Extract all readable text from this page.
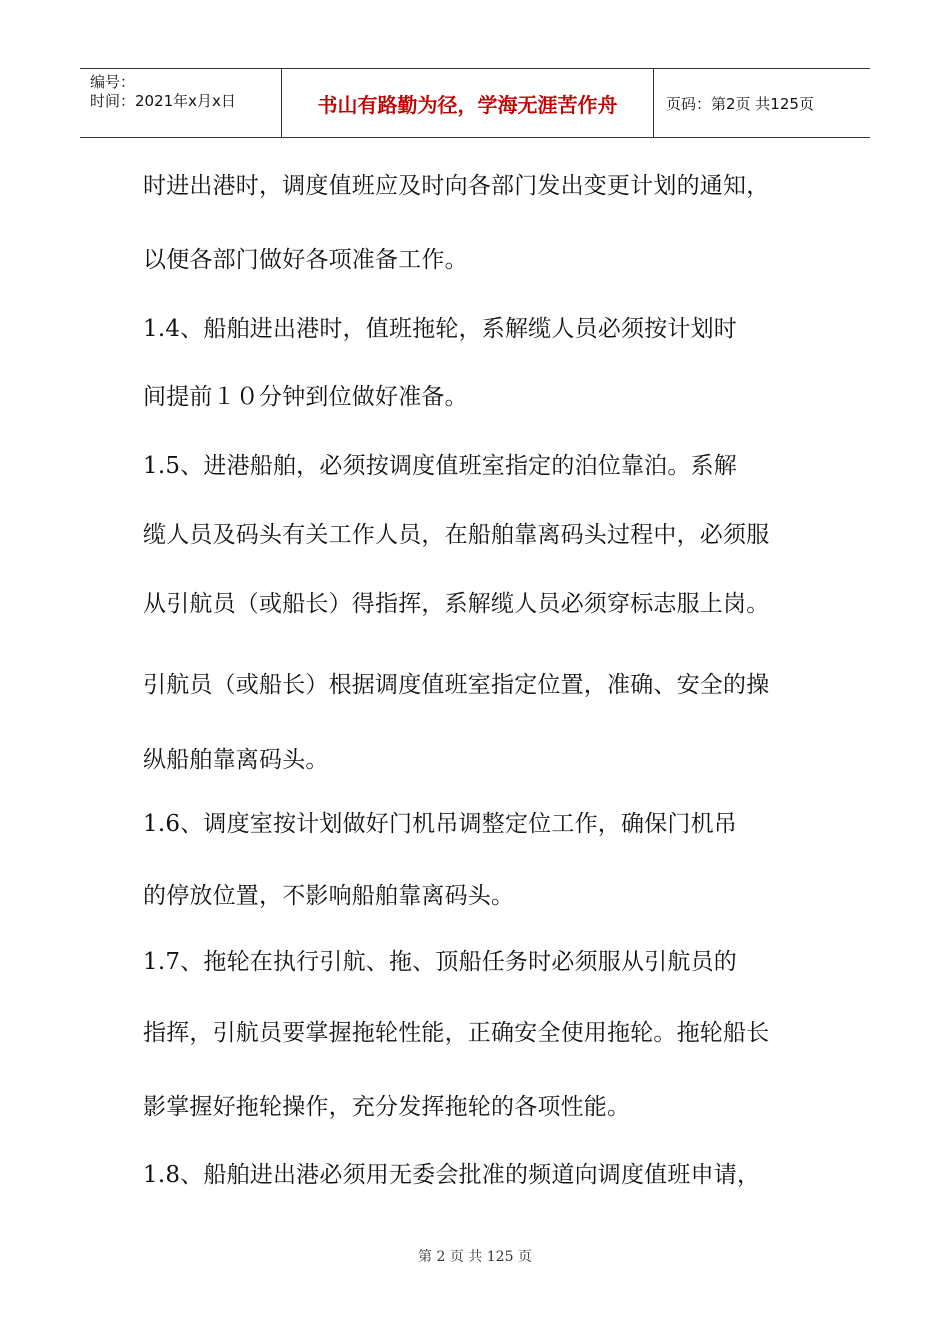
编号：
时间：2021年x月x日	书山有路勤为径，学海无涯苦作舟	页码：第2页 共125页
时进出港时，调度值班应及时向各部门发出变更计划的通知，
以便各部门做好各项准备工作。
1.4、船舶进出港时，值班拖轮，系解缆人员必须按计划时
间提前１０分钟到位做好准备。
1.5、进港船舶，必须按调度值班室指定的泊位靠泊。系解
缆人员及码头有关工作人员，在船舶靠离码头过程中，必须服
从引航员（或船长）得指挥，系解缆人员必须穿标志服上岗。
引航员（或船长）根据调度值班室指定位置，准确、安全的操
纵船舶靠离码头。
1.6、调度室按计划做好门机吊调整定位工作，确保门机吊
的停放位置，不影响船舶靠离码头。
1.7、拖轮在执行引航、拖、顶船任务时必须服从引航员的
指挥，引航员要掌握拖轮性能，正确安全使用拖轮。拖轮船长
影掌握好拖轮操作，充分发挥拖轮的各项性能。
1.8、船舶进出港必须用无委会批准的频道向调度值班申请，
第 2 页 共 125 页
